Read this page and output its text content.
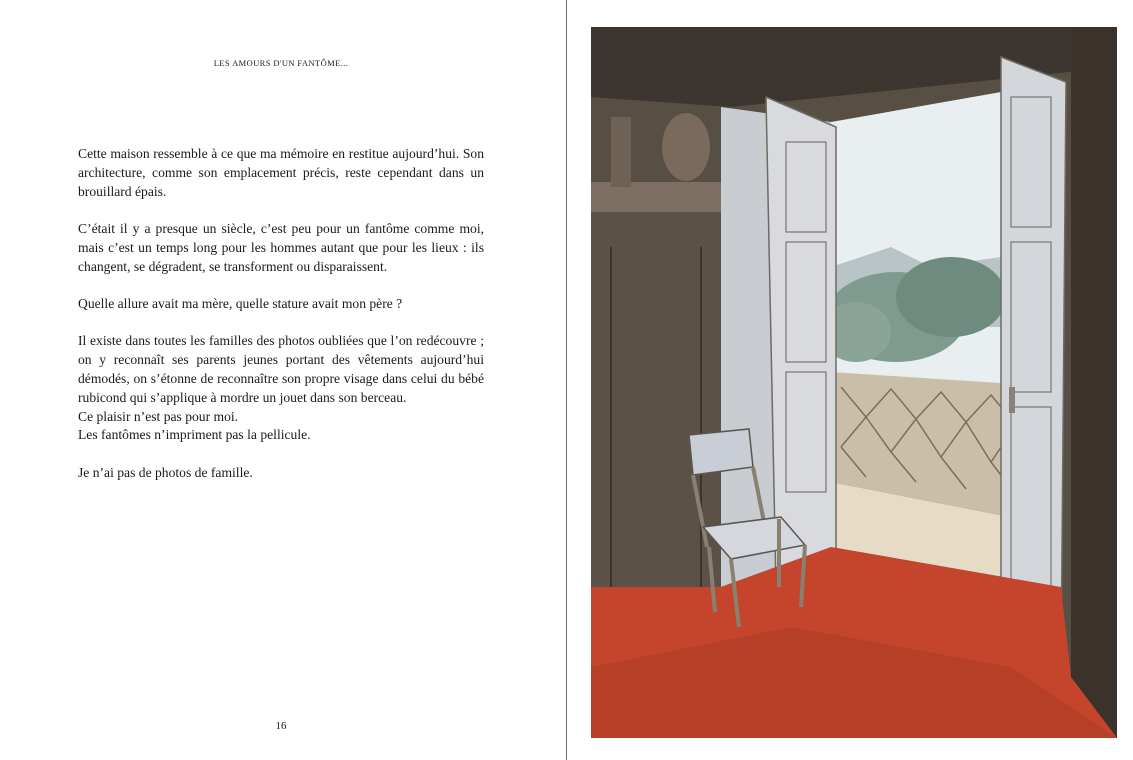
LES AMOURS D'UN FANTÔME...

Cette maison ressemble à ce que ma mémoire en restitue aujourd’hui. Son architecture, comme son emplacement précis, reste cependant dans un brouillard épais.

C’était il y a presque un siècle, c’est peu pour un fantôme comme moi, mais c’est un temps long pour les hommes autant que pour les lieux : ils changent, se dégradent, se transforment ou disparaissent.

Quelle allure avait ma mère, quelle stature avait mon père ?

Il existe dans toutes les familles des photos oubliées que l’on redécouvre ; on y reconnaît ses parents jeunes portant des vêtements aujourd’hui démodés, on s’étonne de reconnaître son propre visage dans celui du bébé rubicond qui s’applique à mordre un jouet dans son berceau.

Ce plaisir n’est pas pour moi.

Les fantômes n’impriment pas la pellicule.

Je n’ai pas de photos de famille.

16
